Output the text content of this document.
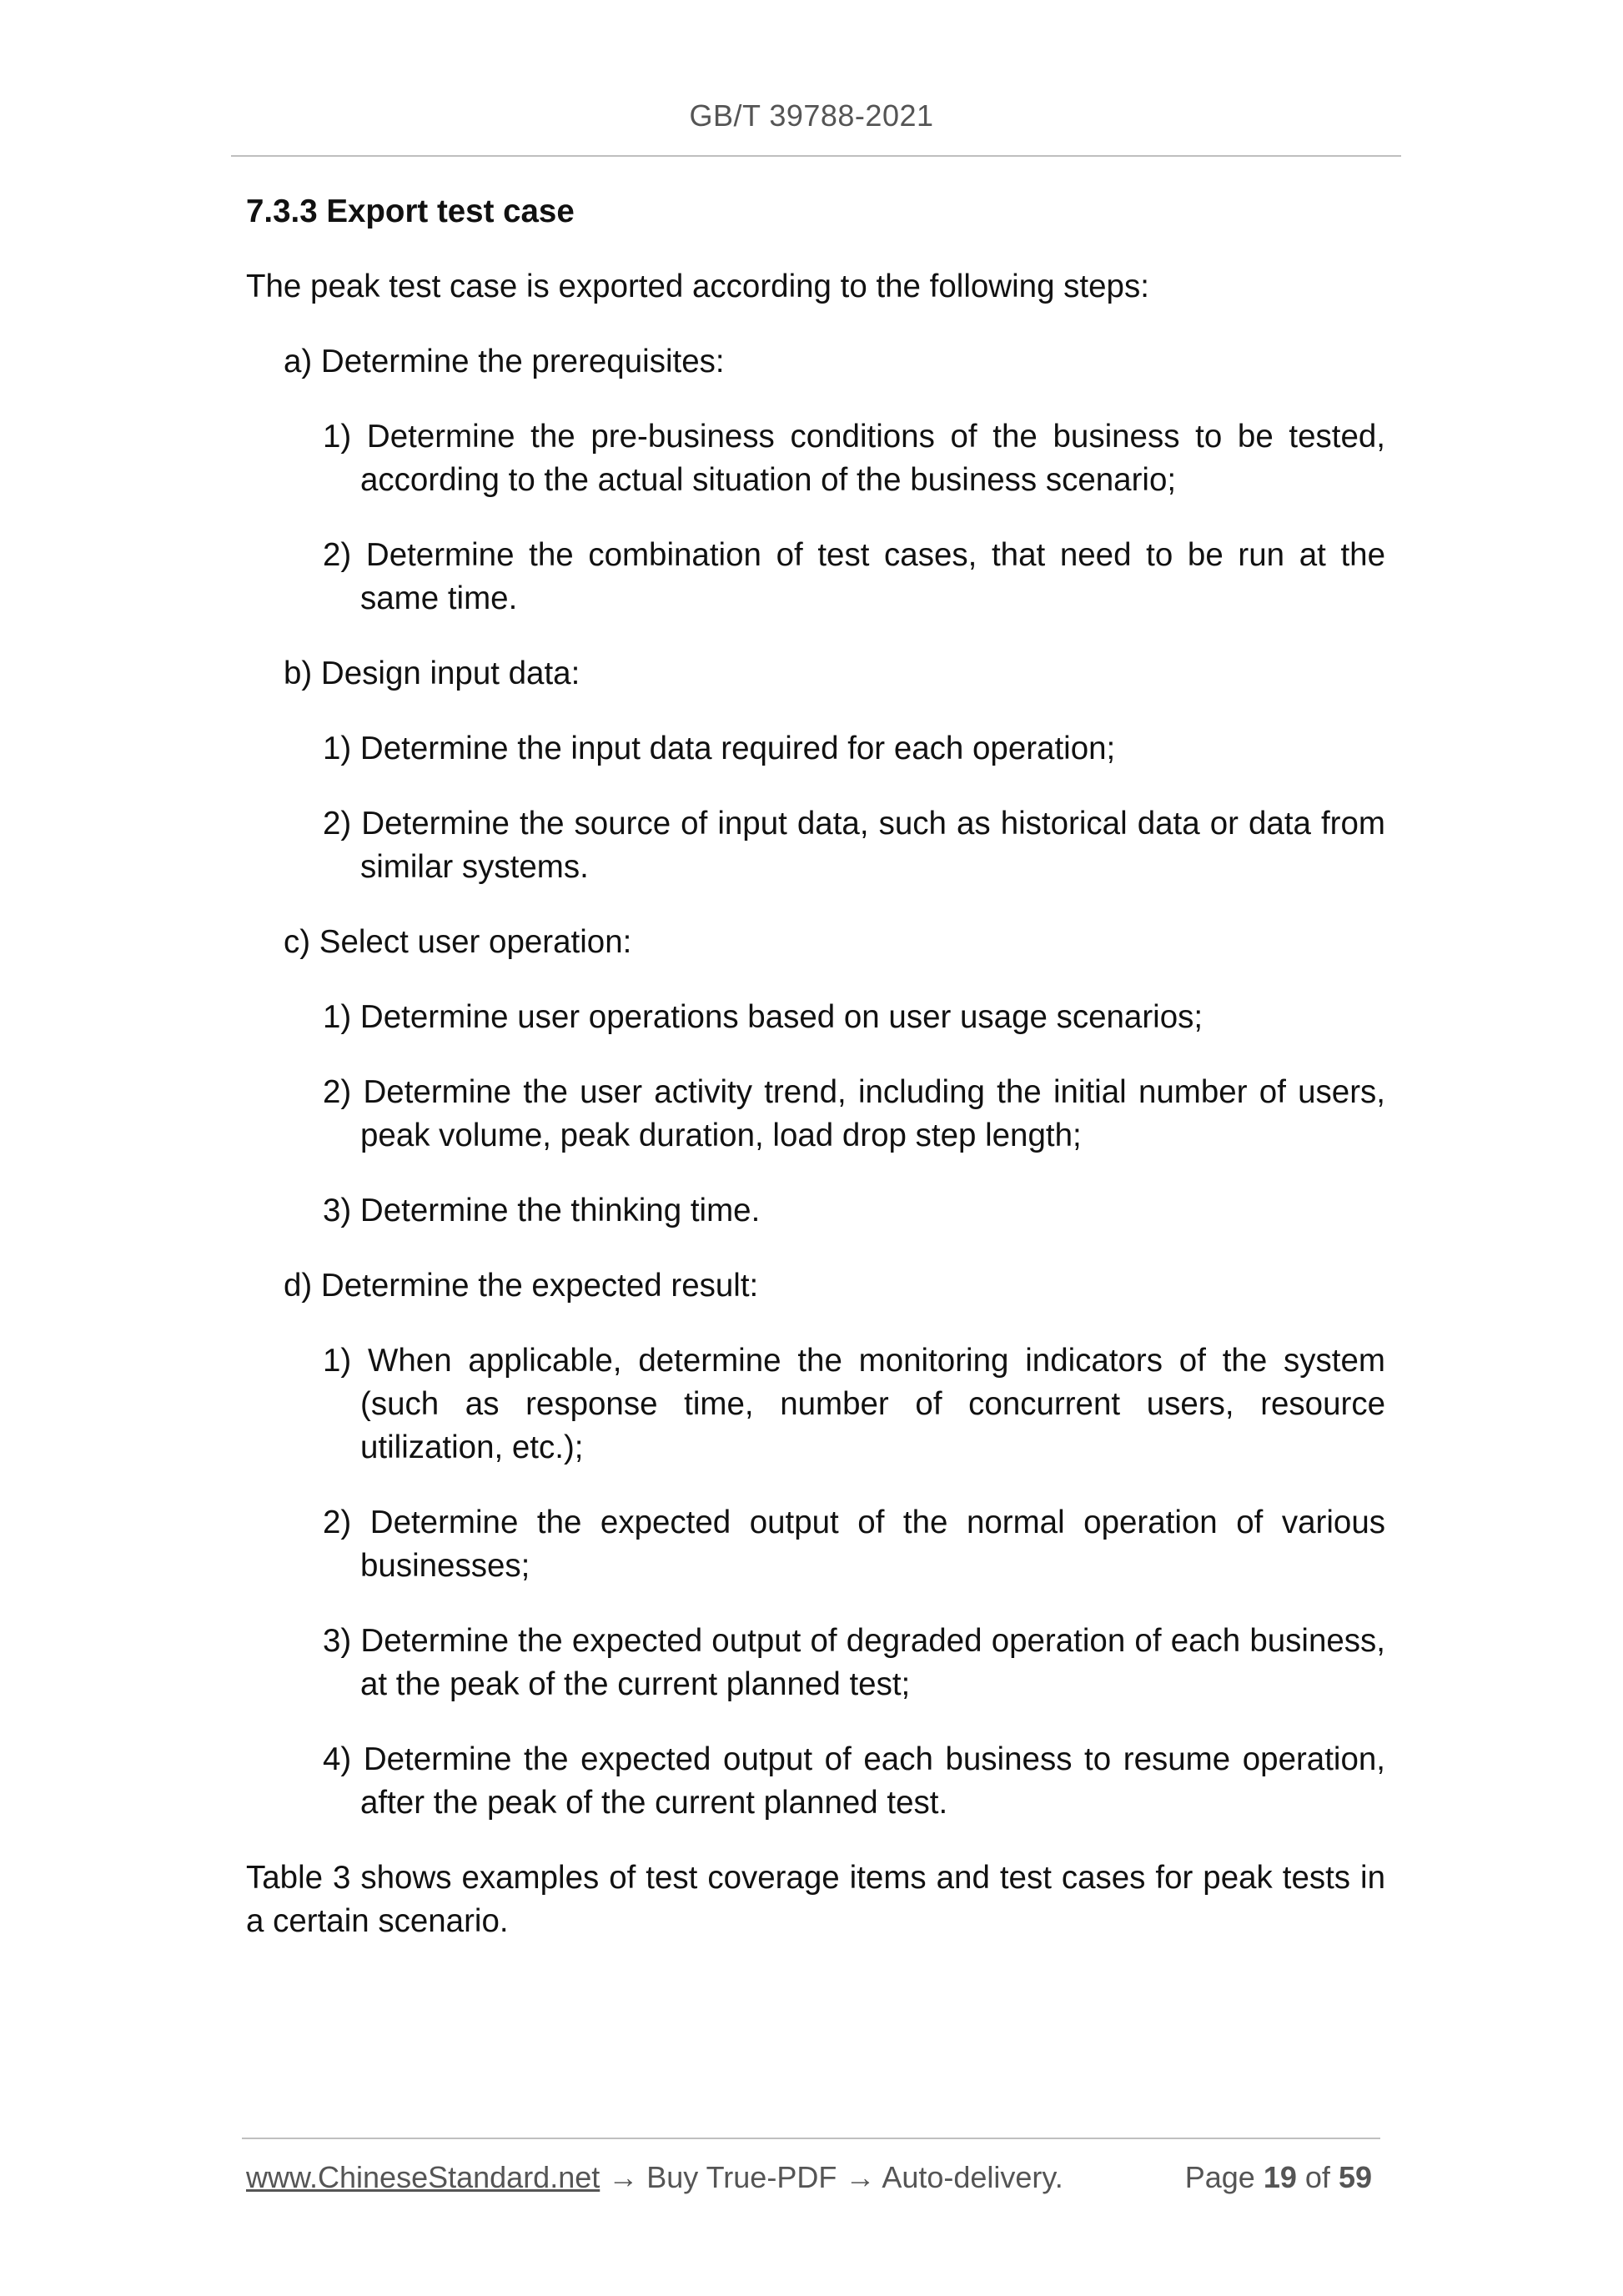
GB/T 39788-2021
7.3.3 Export test case
The peak test case is exported according to the following steps:
a) Determine the prerequisites:
1) Determine the pre-business conditions of the business to be tested, according to the actual situation of the business scenario;
2) Determine the combination of test cases, that need to be run at the same time.
b) Design input data:
1) Determine the input data required for each operation;
2) Determine the source of input data, such as historical data or data from similar systems.
c) Select user operation:
1) Determine user operations based on user usage scenarios;
2) Determine the user activity trend, including the initial number of users, peak volume, peak duration, load drop step length;
3) Determine the thinking time.
d) Determine the expected result:
1) When applicable, determine the monitoring indicators of the system (such as response time, number of concurrent users, resource utilization, etc.);
2) Determine the expected output of the normal operation of various businesses;
3) Determine the expected output of degraded operation of each business, at the peak of the current planned test;
4) Determine the expected output of each business to resume operation, after the peak of the current planned test.
Table 3 shows examples of test coverage items and test cases for peak tests in a certain scenario.
www.ChineseStandard.net → Buy True-PDF → Auto-delivery.	Page 19 of 59
